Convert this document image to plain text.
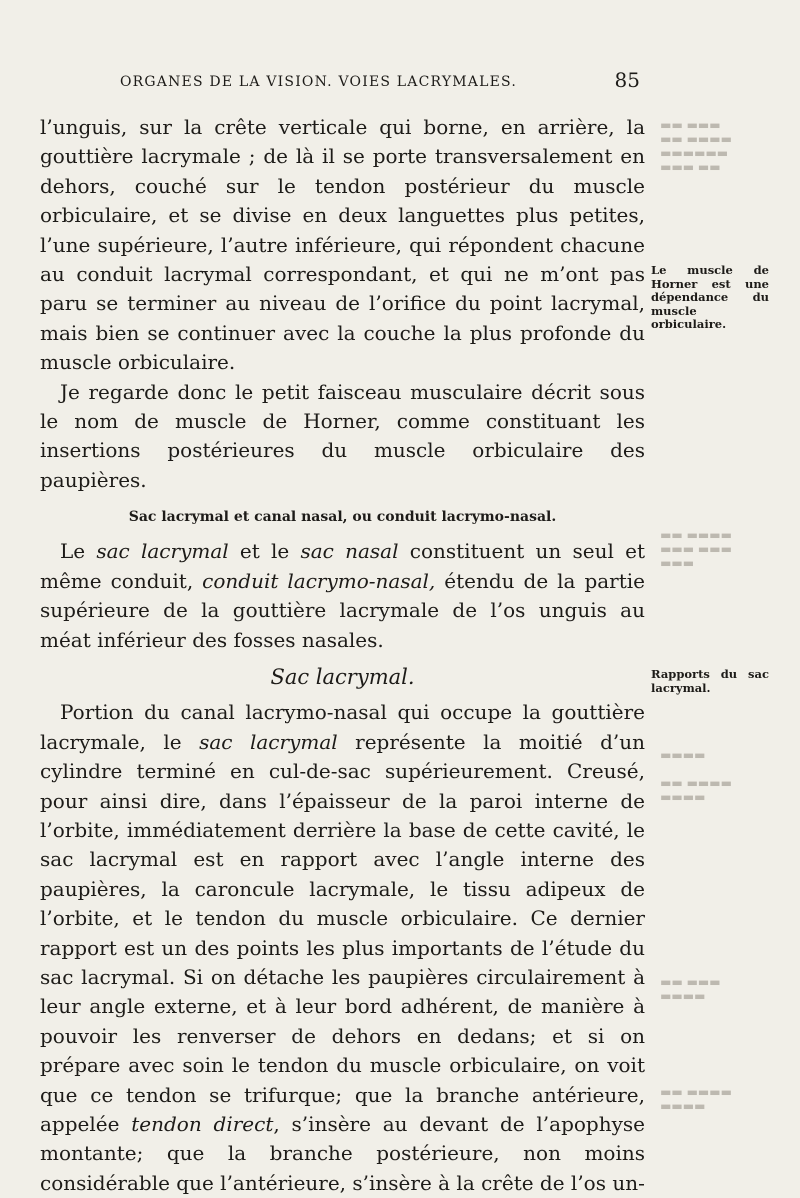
▬▬▬ ▬▬
▬▬▬▬ ▬▬
▬▬▬▬▬▬
▬▬ ▬▬▬
▬▬▬▬ ▬▬
▬▬▬ ▬▬▬
▬▬▬
▬▬▬▬

▬▬▬▬ ▬▬
▬▬▬▬
▬▬▬ ▬▬
▬▬▬▬
▬▬▬▬ ▬▬
▬▬▬▬
ORGANES DE LA VISION. VOIES LACRYMALES.	85

l’unguis, sur la crête verticale qui borne, en arrière, la gouttière lacrymale ; de là il se porte transversalement en dehors, couché sur le tendon postérieur du muscle orbiculaire, et se divise en deux languettes plus petites, l’une supérieure, l’autre inférieure, qui répondent chacune au conduit lacrymal correspondant, et qui ne m’ont pas paru se terminer au niveau de l’orifice du point lacrymal, mais bien se continuer avec la couche la plus profonde du muscle orbiculaire.

Je regarde donc le petit faisceau musculaire décrit sous le nom de muscle de Horner, comme constituant les insertions postérieures du muscle orbiculaire des paupières.

Sac lacrymal et canal nasal, ou conduit lacrymo-nasal.

Le sac lacrymal et le sac nasal constituent un seul et même conduit, conduit lacrymo-nasal, étendu de la partie supérieure de la gouttière lacrymale de l’os unguis au méat inférieur des fosses nasales.

Sac lacrymal.

Portion du canal lacrymo-nasal qui occupe la gouttière lacrymale, le sac lacrymal représente la moitié d’un cylindre terminé en cul-de-sac supérieurement. Creusé, pour ainsi dire, dans l’épaisseur de la paroi interne de l’orbite, immédiatement derrière la base de cette cavité, le sac lacrymal est en rapport avec l’angle interne des paupières, la caroncule lacrymale, le tissu adipeux de l’orbite, et le tendon du muscle orbiculaire. Ce dernier rapport est un des points les plus importants de l’étude du sac lacrymal. Si on détache les paupières circulairement à leur angle externe, et à leur bord adhérent, de manière à pouvoir les renverser de dehors en dedans; et si on prépare avec soin le tendon du muscle orbiculaire, on voit que ce tendon se trifurque; que la branche antérieure, appelée tendon direct, s’insère au devant de l’apophyse montante; que la branche postérieure, non moins considérable que l’antérieure, s’insère à la crête de l’os un-

Le muscle de Horner est une dépendance du muscle orbiculaire.
Rapports du sac lacrymal.
